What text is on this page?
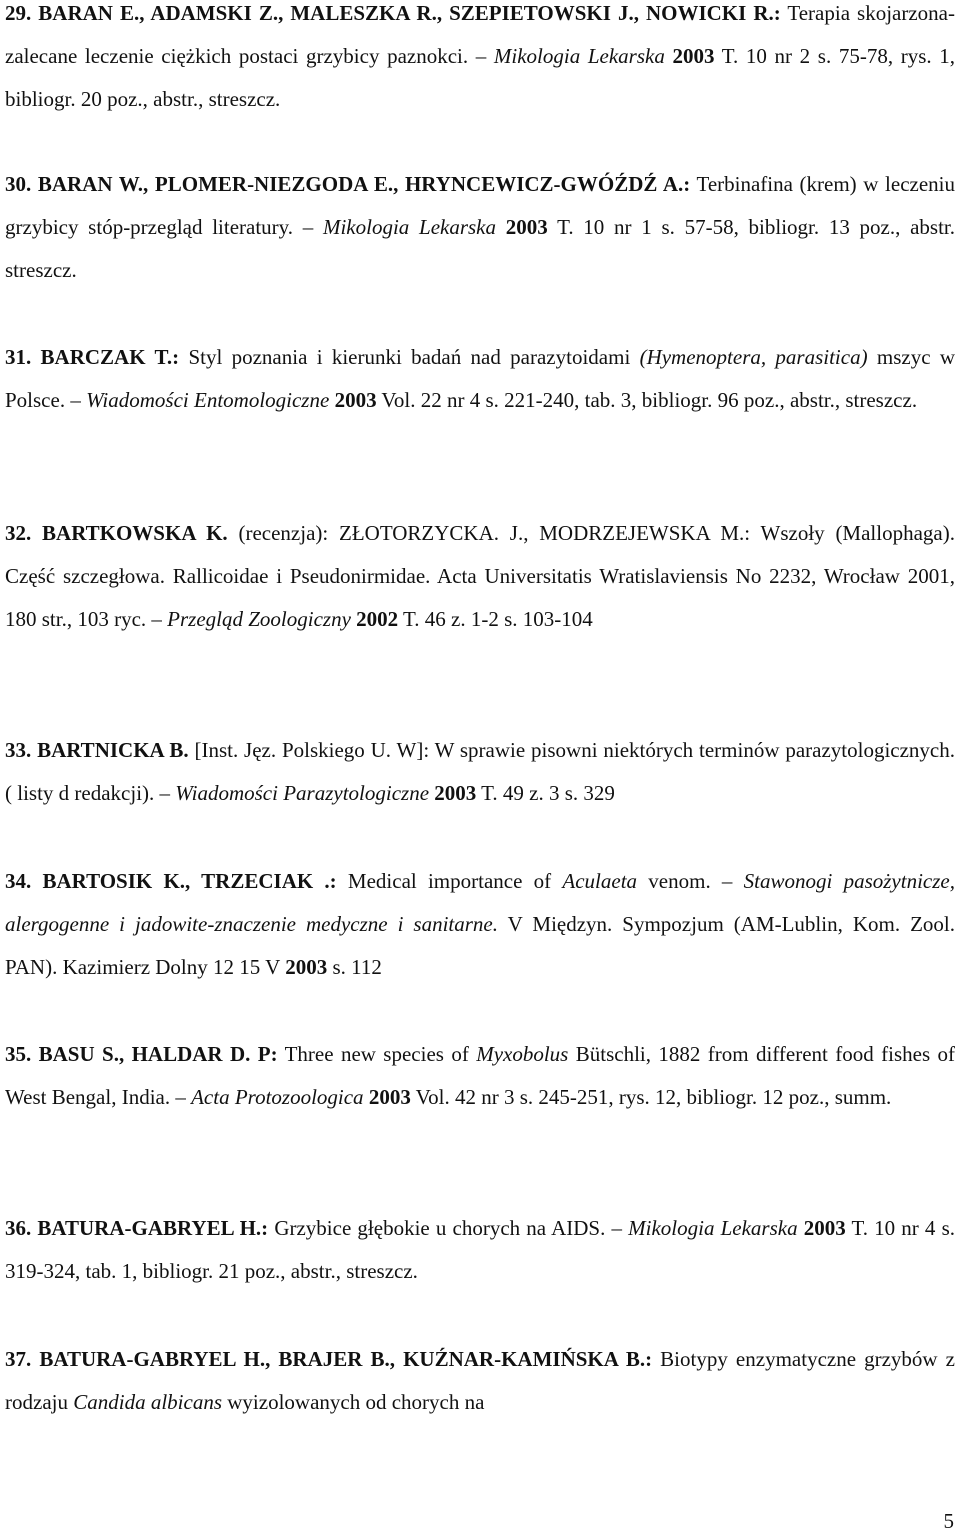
29. BARAN E., ADAMSKI Z., MALESZKA R., SZEPIETOWSKI J., NOWICKI R.: Terapia skojarzona-zalecane leczenie ciężkich postaci grzybicy paznokci. – Mikologia Lekarska 2003 T. 10 nr 2 s. 75-78, rys. 1, bibliogr. 20 poz., abstr., streszcz.
30. BARAN W., PLOMER-NIEZGODA E., HRYNCEWICZ-GWÓŹDŹ A.: Terbinafina (krem) w leczeniu grzybicy stóp-przegląd literatury. – Mikologia Lekarska 2003 T. 10 nr 1 s. 57-58, bibliogr. 13 poz., abstr. streszcz.
31. BARCZAK T.: Styl poznania i kierunki badań nad parazytoidami (Hymenoptera, parasitica) mszyc w Polsce. – Wiadomości Entomologiczne 2003 Vol. 22 nr 4 s. 221-240, tab. 3, bibliogr. 96 poz., abstr., streszcz.
32. BARTKOWSKA K. (recenzja): ZŁOTORZYCKA. J., MODRZEJEWSKA M.: Wszoły (Mallophaga). Część szczegłowa. Rallicoidae i Pseudonirmidae. Acta Universitatis Wratislaviensis No 2232, Wrocław 2001, 180 str., 103 ryc. – Przegląd Zoologiczny 2002 T. 46 z. 1-2 s. 103-104
33. BARTNICKA B. [Inst. Jęz. Polskiego U. W]: W sprawie pisowni niektórych terminów parazytologicznych. ( listy d redakcji). – Wiadomości Parazytologiczne 2003 T. 49 z. 3 s. 329
34. BARTOSIK K., TRZECIAK .: Medical importance of Aculaeta venom. – Stawonogi pasożytnicze, alergogenne i jadowite-znaczenie medyczne i sanitarne. V Międzyn. Sympozjum (AM-Lublin, Kom. Zool. PAN). Kazimierz Dolny 12 15 V 2003 s. 112
35. BASU S., HALDAR D. P: Three new species of Myxobolus Bütschli, 1882 from different food fishes of West Bengal, India. – Acta Protozoologica 2003 Vol. 42 nr 3 s. 245-251, rys. 12, bibliogr. 12 poz., summ.
36. BATURA-GABRYEL H.: Grzybice głębokie u chorych na AIDS. – Mikologia Lekarska 2003 T. 10 nr 4 s. 319-324, tab. 1, bibliogr. 21 poz., abstr., streszcz.
37. BATURA-GABRYEL H., BRAJER B., KUŹNAR-KAMIŃSKA B.: Biotypy enzymatyczne grzybów z rodzaju Candida albicans wyizolowanych od chorych na
5
